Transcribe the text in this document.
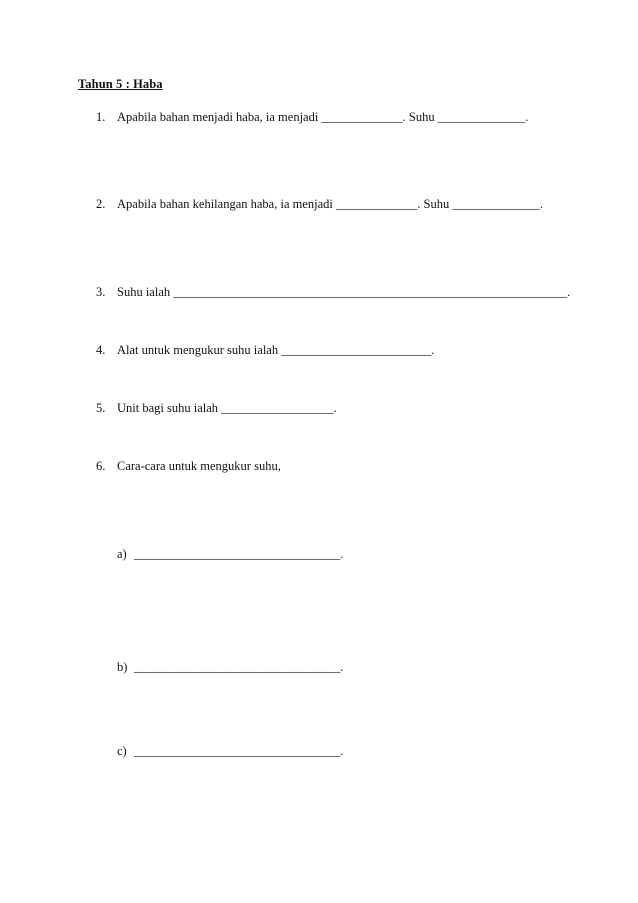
Tahun 5 : Haba
1. Apabila bahan menjadi haba, ia menjadi _____________. Suhu ______________.
2. Apabila bahan kehilangan haba, ia menjadi _____________. Suhu ______________.
3. Suhu ialah _______________________________________________________________.
4. Alat untuk mengukur suhu ialah ________________________.
5. Unit bagi suhu ialah __________________.
6. Cara-cara untuk mengukur suhu,
a) _________________________________.
b) _________________________________.
c) _________________________________.
